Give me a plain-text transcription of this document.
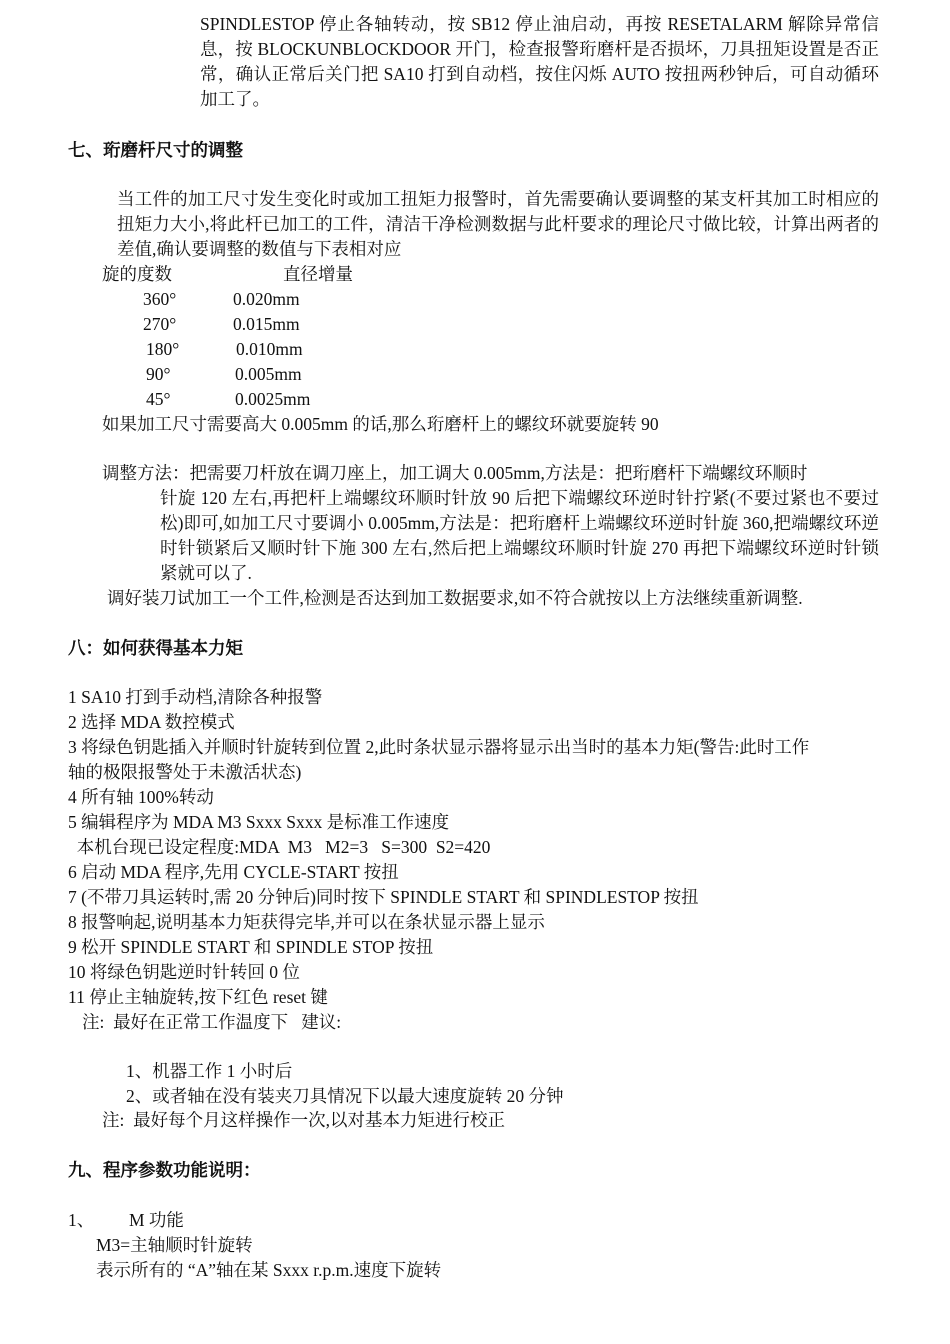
SPINDLESTOP 停止各轴转动，按 SB12 停止油启动，再按 RESETALARM 解除异常信息，按 BLOCKUNBLOCKDOOR 开门，检查报警珩磨杆是否损坏，刀具扭矩设置是否正常，确认正常后关门把 SA10 打到自动档，按住闪烁 AUTO 按扭两秒钟后，可自动循环加工了。
七、珩磨杆尺寸的调整
当工件的加工尺寸发生变化时或加工扭矩力报警时，首先需要确认要调整的某支杆其加工时相应的扭矩力大小,将此杆已加工的工件，清洁干净检测数据与此杆要求的理论尺寸做比较，计算出两者的差值,确认要调整的数值与下表相对应
旋的度数	直径增量
360°	0.020mm
270°	0.015mm
180°	0.010mm
90°	0.005mm
45°	0.0025mm
如果加工尺寸需要高大 0.005mm 的话,那么珩磨杆上的螺纹环就要旋转 90
调整方法：把需要刀杆放在调刀座上，加工调大 0.005mm,方法是：把珩磨杆下端螺纹环顺时
针旋 120 左右,再把杆上端螺纹环顺时针放 90 后把下端螺纹环逆时针拧紧(不要过紧也不要过松)即可,如加工尺寸要调小 0.005mm,方法是：把珩磨杆上端螺纹环逆时针旋 360,把端螺纹环逆时针锁紧后又顺时针下施 300 左右,然后把上端螺纹环顺时针旋 270 再把下端螺纹环逆时针锁紧就可以了.
调好装刀试加工一个工件,检测是否达到加工数据要求,如不符合就按以上方法继续重新调整.
八：如何获得基本力矩
1 SA10 打到手动档,清除各种报警
2 选择 MDA 数控模式
3 将绿色钥匙插入并顺时针旋转到位置 2,此时条状显示器将显示出当时的基本力矩(警告:此时工作
轴的极限报警处于未激活状态)
4 所有轴 100%转动
5 编辑程序为 MDA M3 Sxxx Sxxx 是标准工作速度
本机台现已设定程度:MDA  M3   M2=3   S=300  S2=420
6 启动 MDA 程序,先用 CYCLE-START 按扭
7 (不带刀具运转时,需 20 分钟后)同时按下 SPINDLE START 和 SPINDLESTOP 按扭
8 报警响起,说明基本力矩获得完毕,并可以在条状显示器上显示
9 松开 SPINDLE START 和 SPINDLE STOP 按扭
10 将绿色钥匙逆时针转回 0 位
11 停止主轴旋转,按下红色 reset 键
注:  最好在正常工作温度下   建议:
1、机器工作 1 小时后
2、或者轴在没有装夹刀具情况下以最大速度旋转 20 分钟
注:  最好每个月这样操作一次,以对基本力矩进行校正
九、程序参数功能说明：
1、 M 功能
M3=主轴顺时针旋转
表示所有的 “A”轴在某 Sxxx r.p.m.速度下旋转
